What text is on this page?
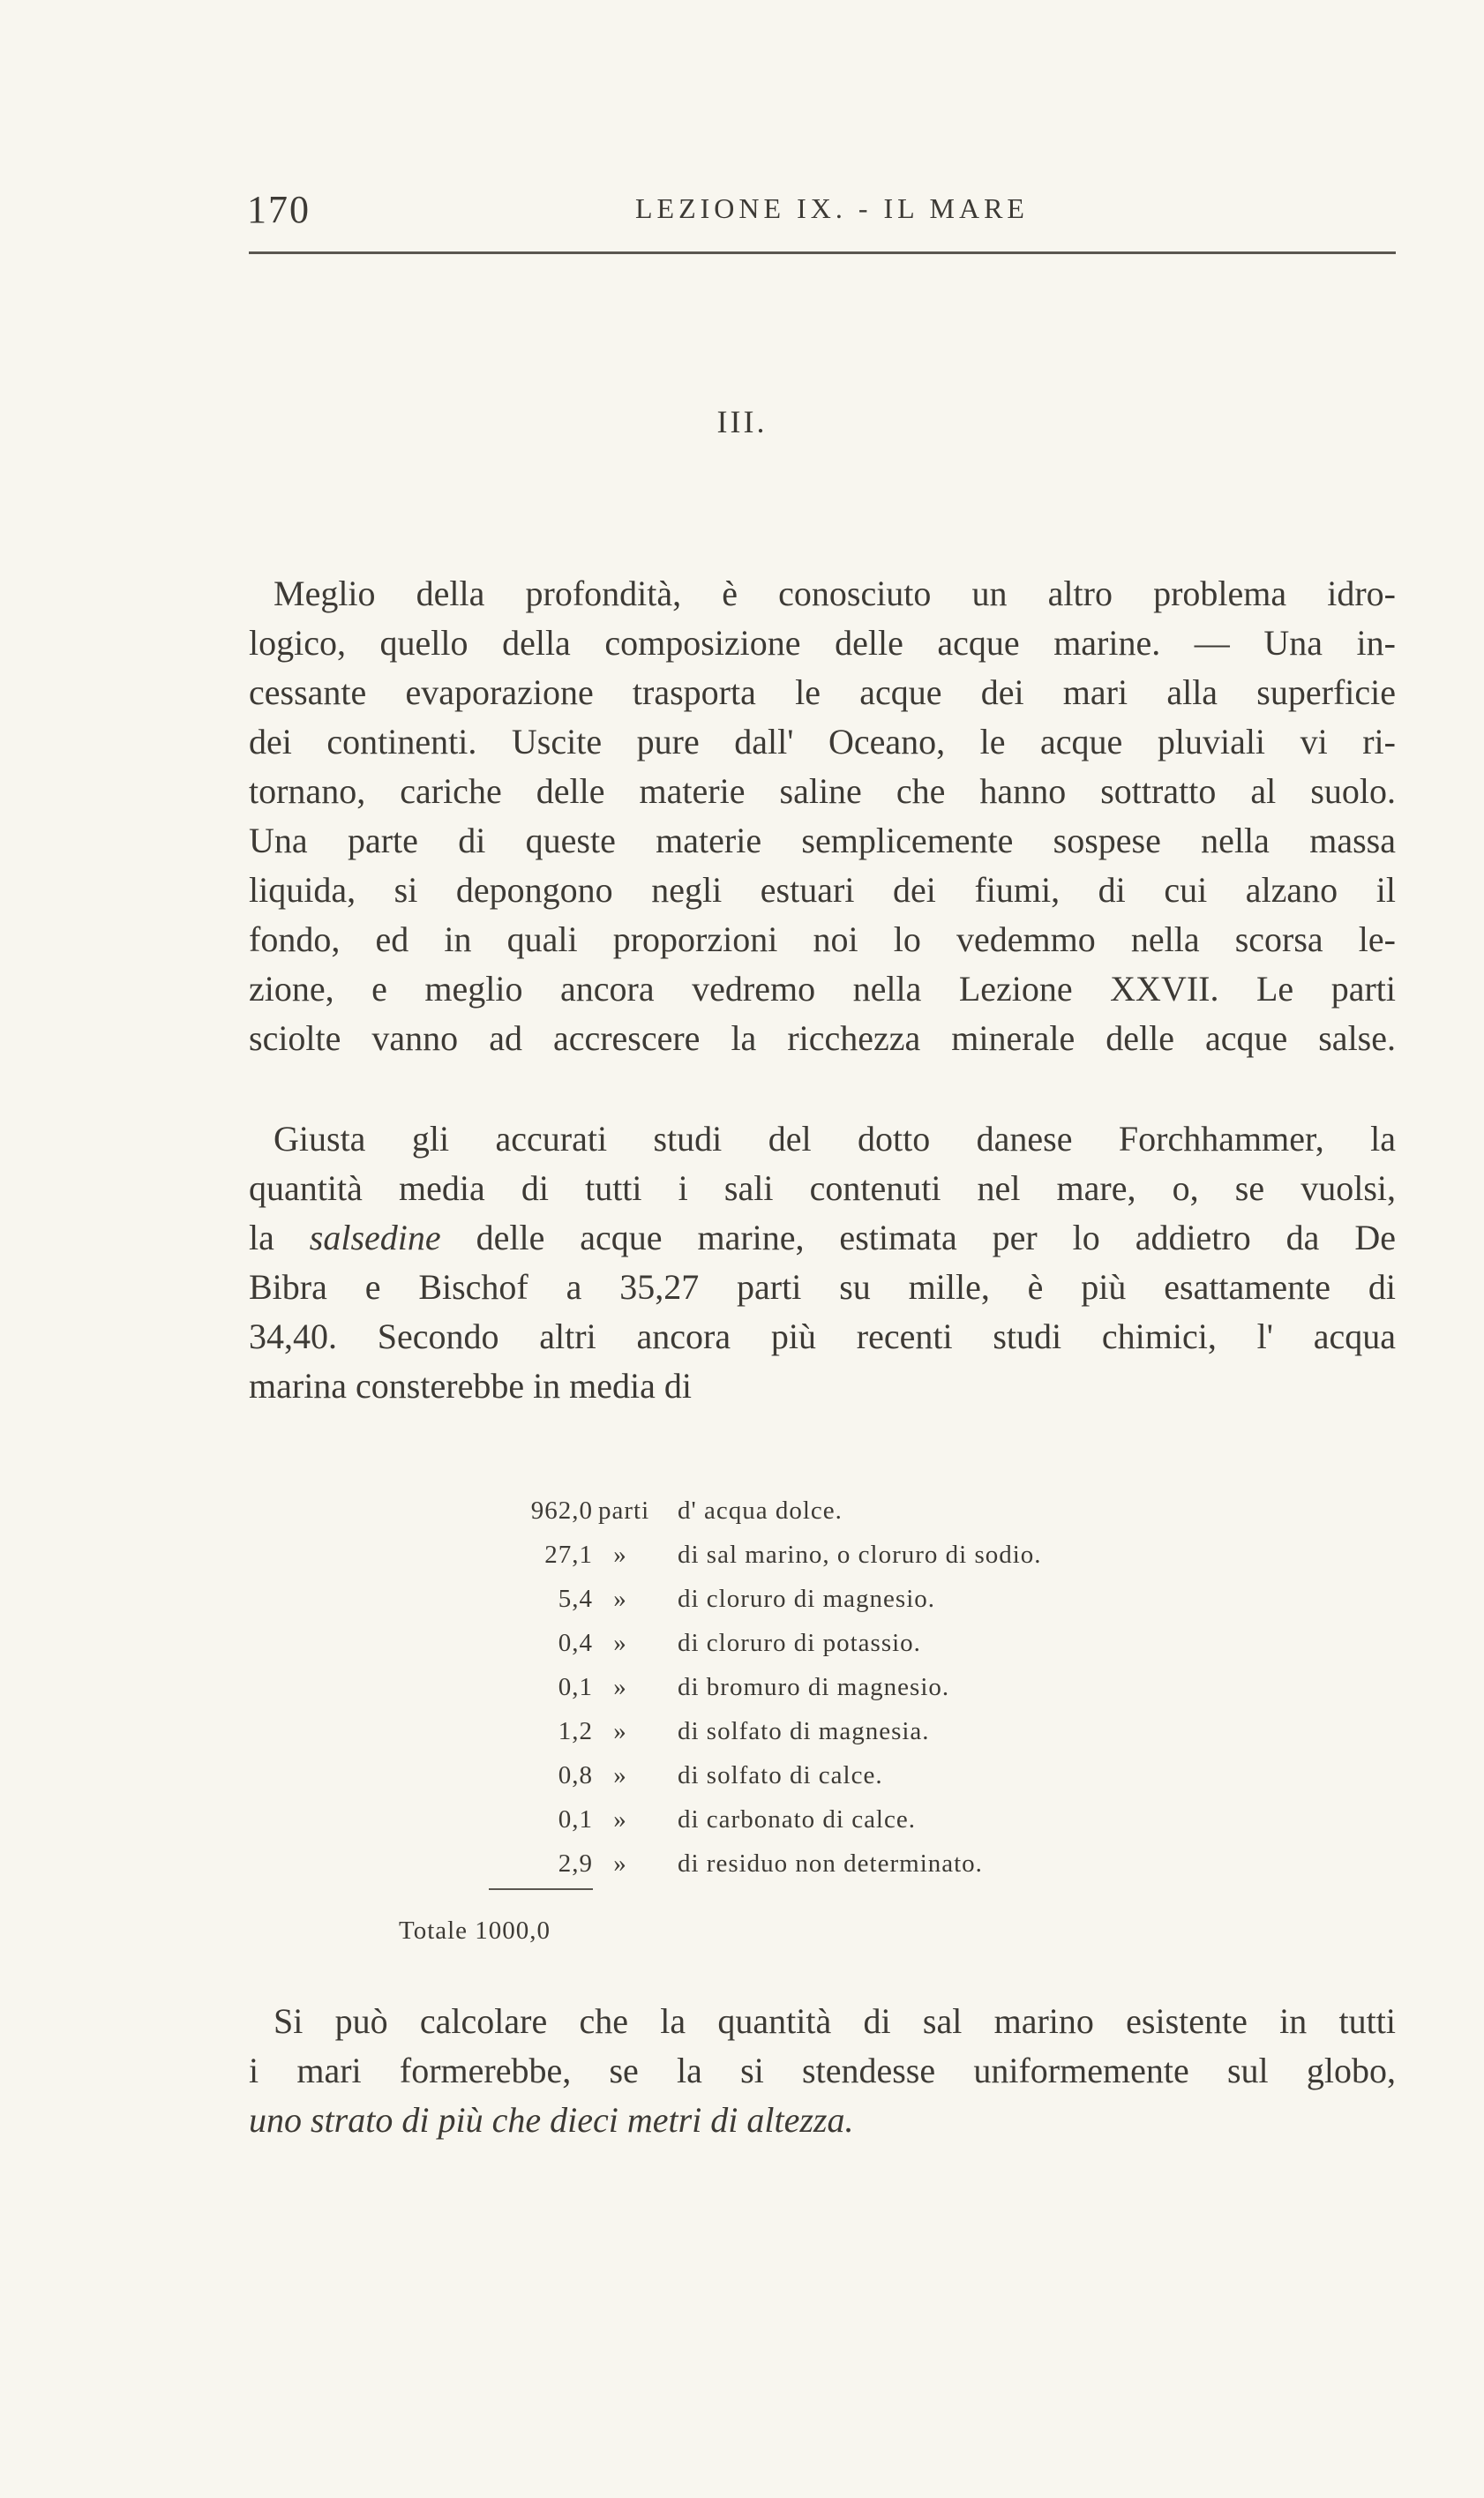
170	LEZIONE IX. - IL MARE
III.
Meglio della profondità, è conosciuto un altro problema idro-
logico, quello della composizione delle acque marine. — Una in-
cessante evaporazione trasporta le acque dei mari alla superficie
dei continenti. Uscite pure dall' Oceano, le acque pluviali vi ri-
tornano, cariche delle materie saline che hanno sottratto al suolo.
Una parte di queste materie semplicemente sospese nella massa
liquida, si depongono negli estuari dei fiumi, di cui alzano il
fondo, ed in quali proporzioni noi lo vedemmo nella scorsa le-
zione, e meglio ancora vedremo nella Lezione XXVII. Le parti
sciolte vanno ad accrescere la ricchezza minerale delle acque salse.
Giusta gli accurati studi del dotto danese Forchhammer, la
quantità media di tutti i sali contenuti nel mare, o, se vuolsi,
la salsedine delle acque marine, estimata per lo addietro da De
Bibra e Bischof a 35,27 parti su mille, è più esattamente di
34,40. Secondo altri ancora più recenti studi chimici, l' acqua
marina consterebbe in media di
962,0 parti d' acqua dolce.
27,1 » di sal marino, o cloruro di sodio.
5,4 » di cloruro di magnesio.
0,4 » di cloruro di potassio.
0,1 » di bromuro di magnesio.
1,2 » di solfato di magnesia.
0,8 » di solfato di calce.
0,1 » di carbonato di calce.
2,9 » di residuo non determinato.
Totale 1000,0
Si può calcolare che la quantità di sal marino esistente in tutti
i mari formerebbe, se la si stendesse uniformemente sul globo,
uno strato di più che dieci metri di altezza.
